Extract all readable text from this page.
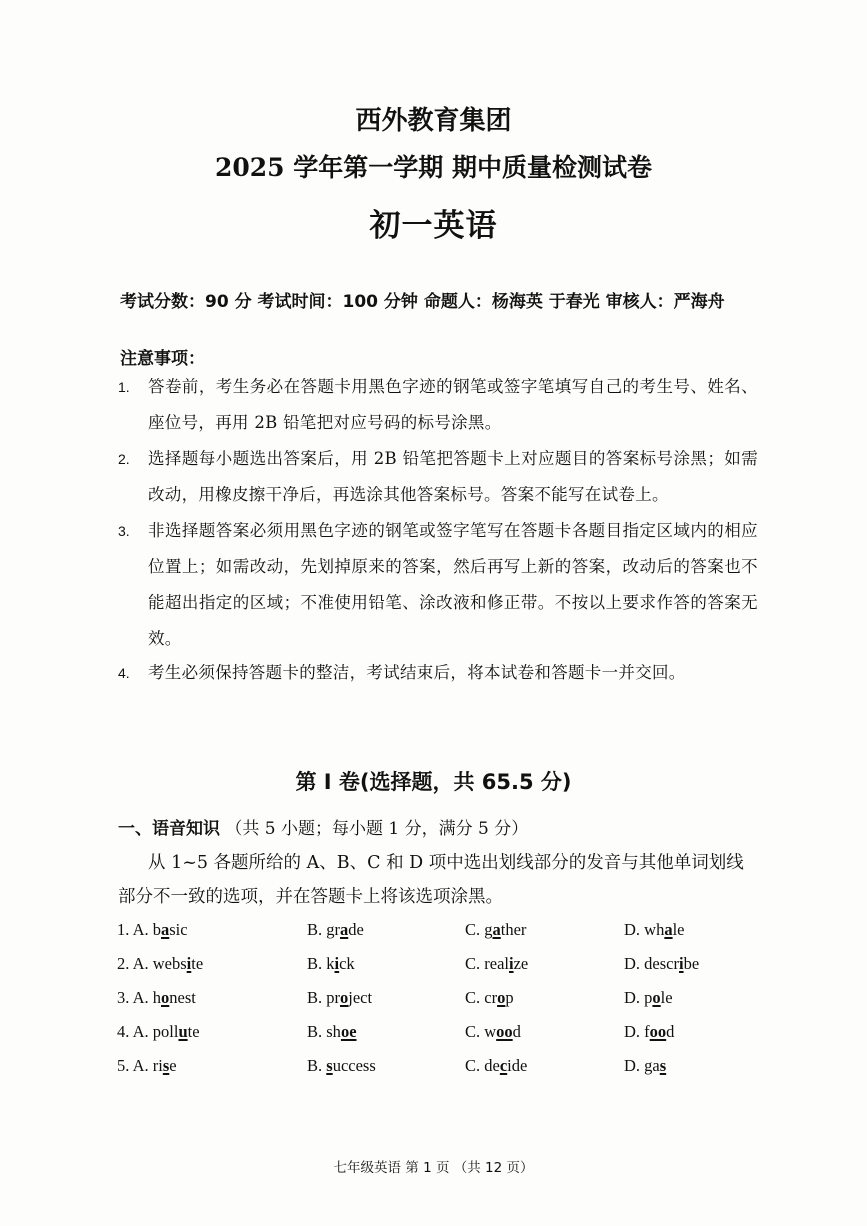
西外教育集团
2025 学年第一学期 期中质量检测试卷
初一英语
考试分数：90 分 考试时间：100 分钟 命题人：杨海英 于春光 审核人：严海舟
注意事项：
1. 答卷前，考生务必在答题卡用黑色字迹的钢笔或签字笔填写自己的考生号、姓名、座位号，再用 2B 铅笔把对应号码的标号涂黑。
2. 选择题每小题选出答案后，用 2B 铅笔把答题卡上对应题目的答案标号涂黑；如需改动，用橡皮擦干净后，再选涂其他答案标号。答案不能写在试卷上。
3. 非选择题答案必须用黑色字迹的钢笔或签字笔写在答题卡各题目指定区域内的相应位置上；如需改动，先划掉原来的答案，然后再写上新的答案，改动后的答案也不能超出指定的区域；不准使用铅笔、涂改液和修正带。不按以上要求作答的答案无效。
4. 考生必须保持答题卡的整洁，考试结束后，将本试卷和答题卡一并交回。
第 Ⅰ 卷(选择题，共 65.5 分)
一、语音知识 （共 5 小题；每小题 1 分，满分 5 分）
从 1~5 各题所给的 A、B、C 和 D 项中选出划线部分的发音与其他单词划线部分不一致的选项，并在答题卡上将该选项涂黑。
1. A. basic	B. grade	C. gather	D. whale
2. A. website	B. kick	C. realize	D. describe
3. A. honest	B. project	C. crop	D. pole
4. A. pollute	B. shoe	C. wood	D. food
5. A. rise	B. success	C. decide	D. gas
七年级英语 第 1 页 （共 12 页）
